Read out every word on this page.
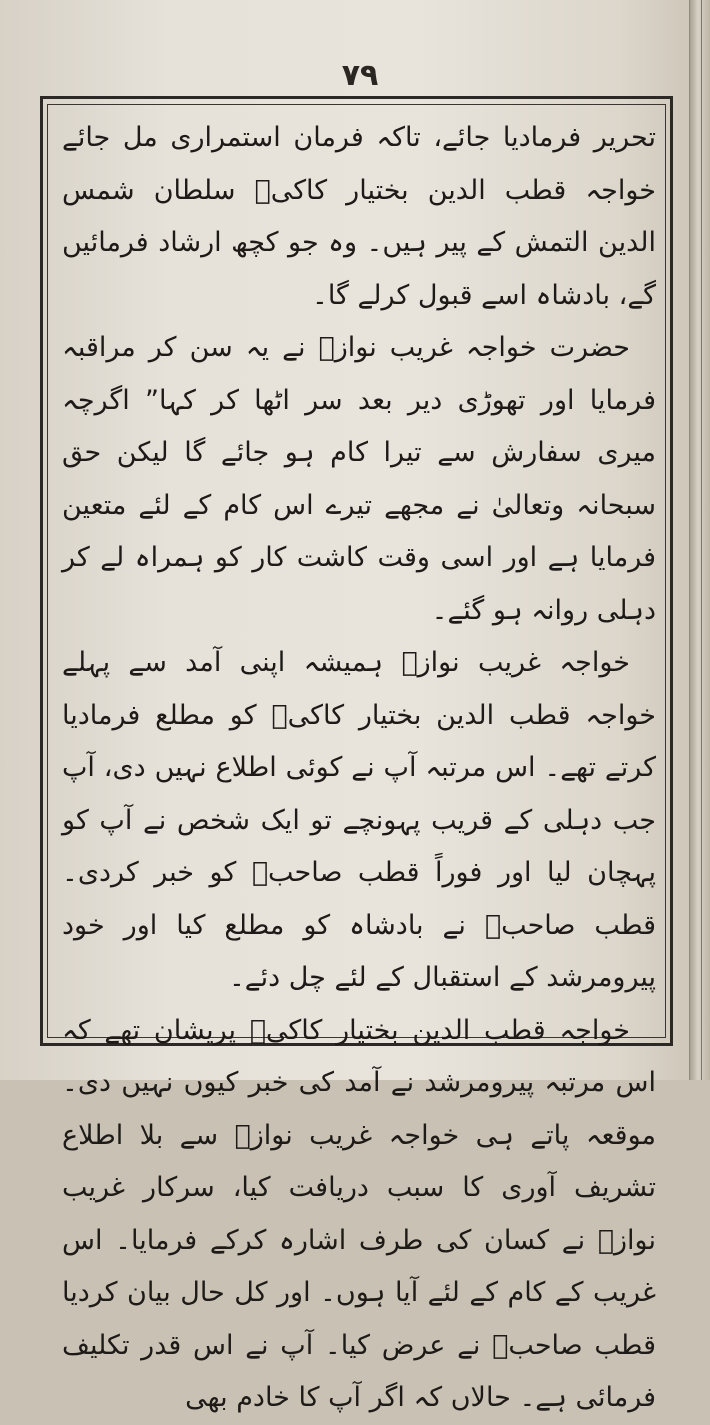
۷۹

تحریر فرمادیا جائے، تاکہ فرمان استمراری مل جائے خواجہ قطب الدین بختیار کاکیؒ سلطان شمس الدین التمش کے پیر ہیں۔ وہ جو کچھ ارشاد فرمائیں گے، بادشاہ اسے قبول کرلے گا۔

حضرت خواجہ غریب نوازؒ نے یہ سن کر مراقبہ فرمایا اور تھوڑی دیر بعد سر اٹھا کر کہا” اگرچہ میری سفارش سے تیرا کام ہو جائے گا لیکن حق سبحانہ وتعالیٰ نے مجھے تیرے اس کام کے لئے متعین فرمایا ہے اور اسی وقت کاشت کار کو ہمراہ لے کر دہلی روانہ ہو گئے۔

خواجہ غریب نوازؒ ہمیشہ اپنی آمد سے پہلے خواجہ قطب الدین بختیار کاکیؒ کو مطلع فرمادیا کرتے تھے۔ اس مرتبہ آپ نے کوئی اطلاع نہیں دی، آپ جب دہلی کے قریب پہونچے تو ایک شخص نے آپ کو پہچان لیا اور فوراً قطب صاحبؒ کو خبر کردی۔ قطب صاحبؒ نے بادشاہ کو مطلع کیا اور خود پیرومرشد کے استقبال کے لئے چل دئے۔

خواجہ قطب الدین بختیار کاکیؒ پریشان تھے کہ اس مرتبہ پیرومرشد نے آمد کی خبر کیوں نہیں دی۔ موقعہ پاتے ہی خواجہ غریب نوازؒ سے بلا اطلاع تشریف آوری کا سبب دریافت کیا، سرکار غریب نوازؒ نے کسان کی طرف اشارہ کرکے فرمایا۔ اس غریب کے کام کے لئے آیا ہوں۔ اور کل حال بیان کردیا قطب صاحبؒ نے عرض کیا۔ آپ نے اس قدر تکلیف فرمائی ہے۔ حالاں کہ اگر آپ کا خادم بھی
